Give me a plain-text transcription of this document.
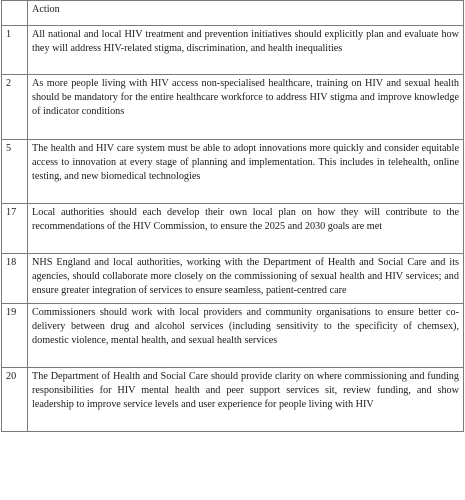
	Action
1	All national and local HIV treatment and prevention initiatives should explicitly plan and evaluate how they will address HIV-related stigma, discrimination, and health inequalities
2	As more people living with HIV access non-specialised healthcare, training on HIV and sexual health should be mandatory for the entire healthcare workforce to address HIV stigma and improve knowledge of indicator conditions
5	The health and HIV care system must be able to adopt innovations more quickly and consider equitable access to innovation at every stage of planning and implementation. This includes in telehealth, online testing, and new biomedical technologies
17	Local authorities should each develop their own local plan on how they will contribute to the recommendations of the HIV Commission, to ensure the 2025 and 2030 goals are met
18	NHS England and local authorities, working with the Department of Health and Social Care and its agencies, should collaborate more closely on the commissioning of sexual health and HIV services; and ensure greater integration of services to ensure seamless, patient-centred care
19	Commissioners should work with local providers and community organisations to ensure better co-delivery between drug and alcohol services (including sensitivity to the specificity of chemsex), domestic violence, mental health, and sexual health services
20	The Department of Health and Social Care should provide clarity on where commissioning and funding responsibilities for HIV mental health and peer support services sit, review funding, and show leadership to improve service levels and user experience for people living with HIV
